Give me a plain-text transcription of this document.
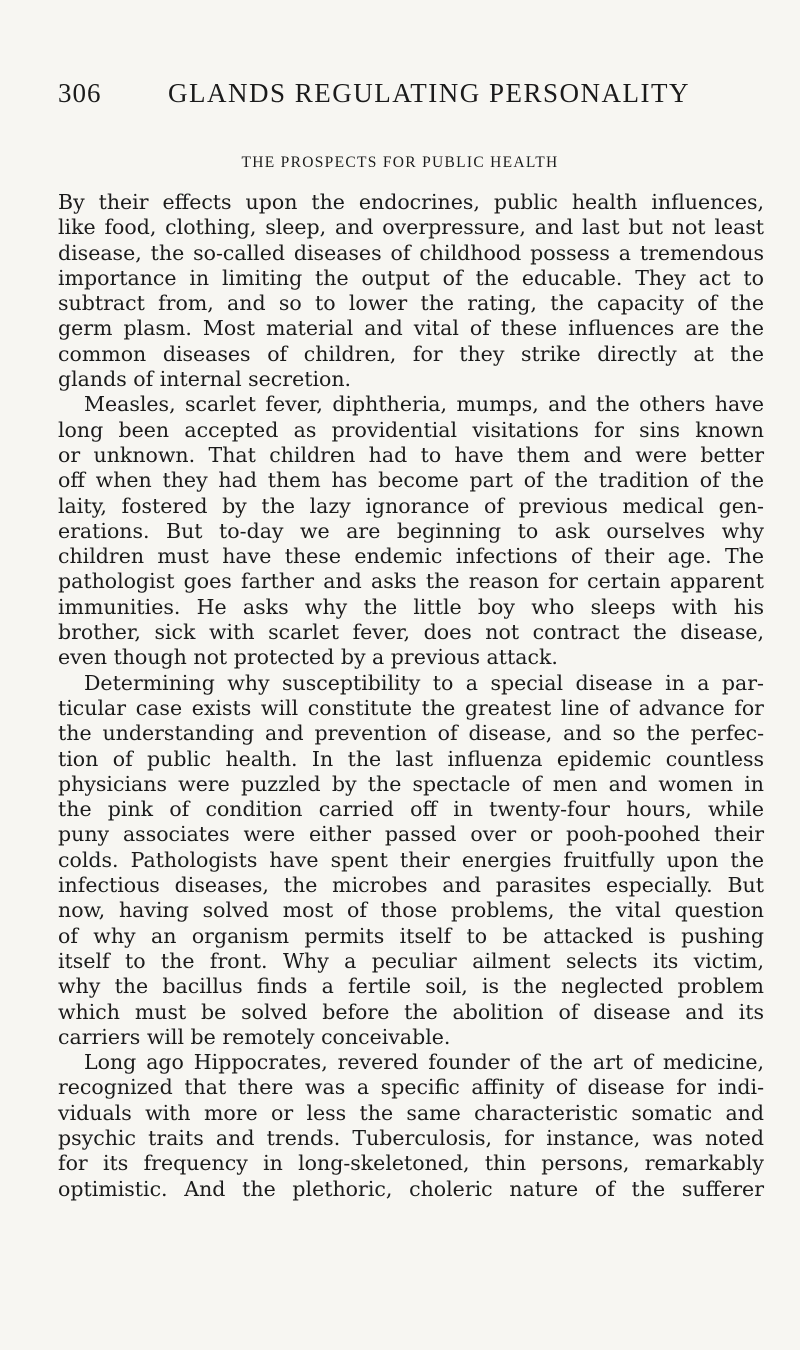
306 GLANDS REGULATING PERSONALITY
THE PROSPECTS FOR PUBLIC HEALTH
By their effects upon the endocrines, public health influences,
like food, clothing, sleep, and overpressure, and last but not least
disease, the so-called diseases of childhood possess a tremendous
importance in limiting the output of the educable. They act to
subtract from, and so to lower the rating, the capacity of the
germ plasm. Most material and vital of these influences are the
common diseases of children, for they strike directly at the
glands of internal secretion.
Measles, scarlet fever, diphtheria, mumps, and the others have
long been accepted as providential visitations for sins known
or unknown. That children had to have them and were better
off when they had them has become part of the tradition of the
laity, fostered by the lazy ignorance of previous medical gen-
erations. But to-day we are beginning to ask ourselves why
children must have these endemic infections of their age. The
pathologist goes farther and asks the reason for certain apparent
immunities. He asks why the little boy who sleeps with his
brother, sick with scarlet fever, does not contract the disease,
even though not protected by a previous attack.
Determining why susceptibility to a special disease in a par-
ticular case exists will constitute the greatest line of advance for
the understanding and prevention of disease, and so the perfec-
tion of public health. In the last influenza epidemic countless
physicians were puzzled by the spectacle of men and women in
the pink of condition carried off in twenty-four hours, while
puny associates were either passed over or pooh-poohed their
colds. Pathologists have spent their energies fruitfully upon the
infectious diseases, the microbes and parasites especially. But
now, having solved most of those problems, the vital question
of why an organism permits itself to be attacked is pushing
itself to the front. Why a peculiar ailment selects its victim,
why the bacillus finds a fertile soil, is the neglected problem
which must be solved before the abolition of disease and its
carriers will be remotely conceivable.
Long ago Hippocrates, revered founder of the art of medicine,
recognized that there was a specific affinity of disease for indi-
viduals with more or less the same characteristic somatic and
psychic traits and trends. Tuberculosis, for instance, was noted
for its frequency in long-skeletoned, thin persons, remarkably
optimistic. And the plethoric, choleric nature of the sufferer
